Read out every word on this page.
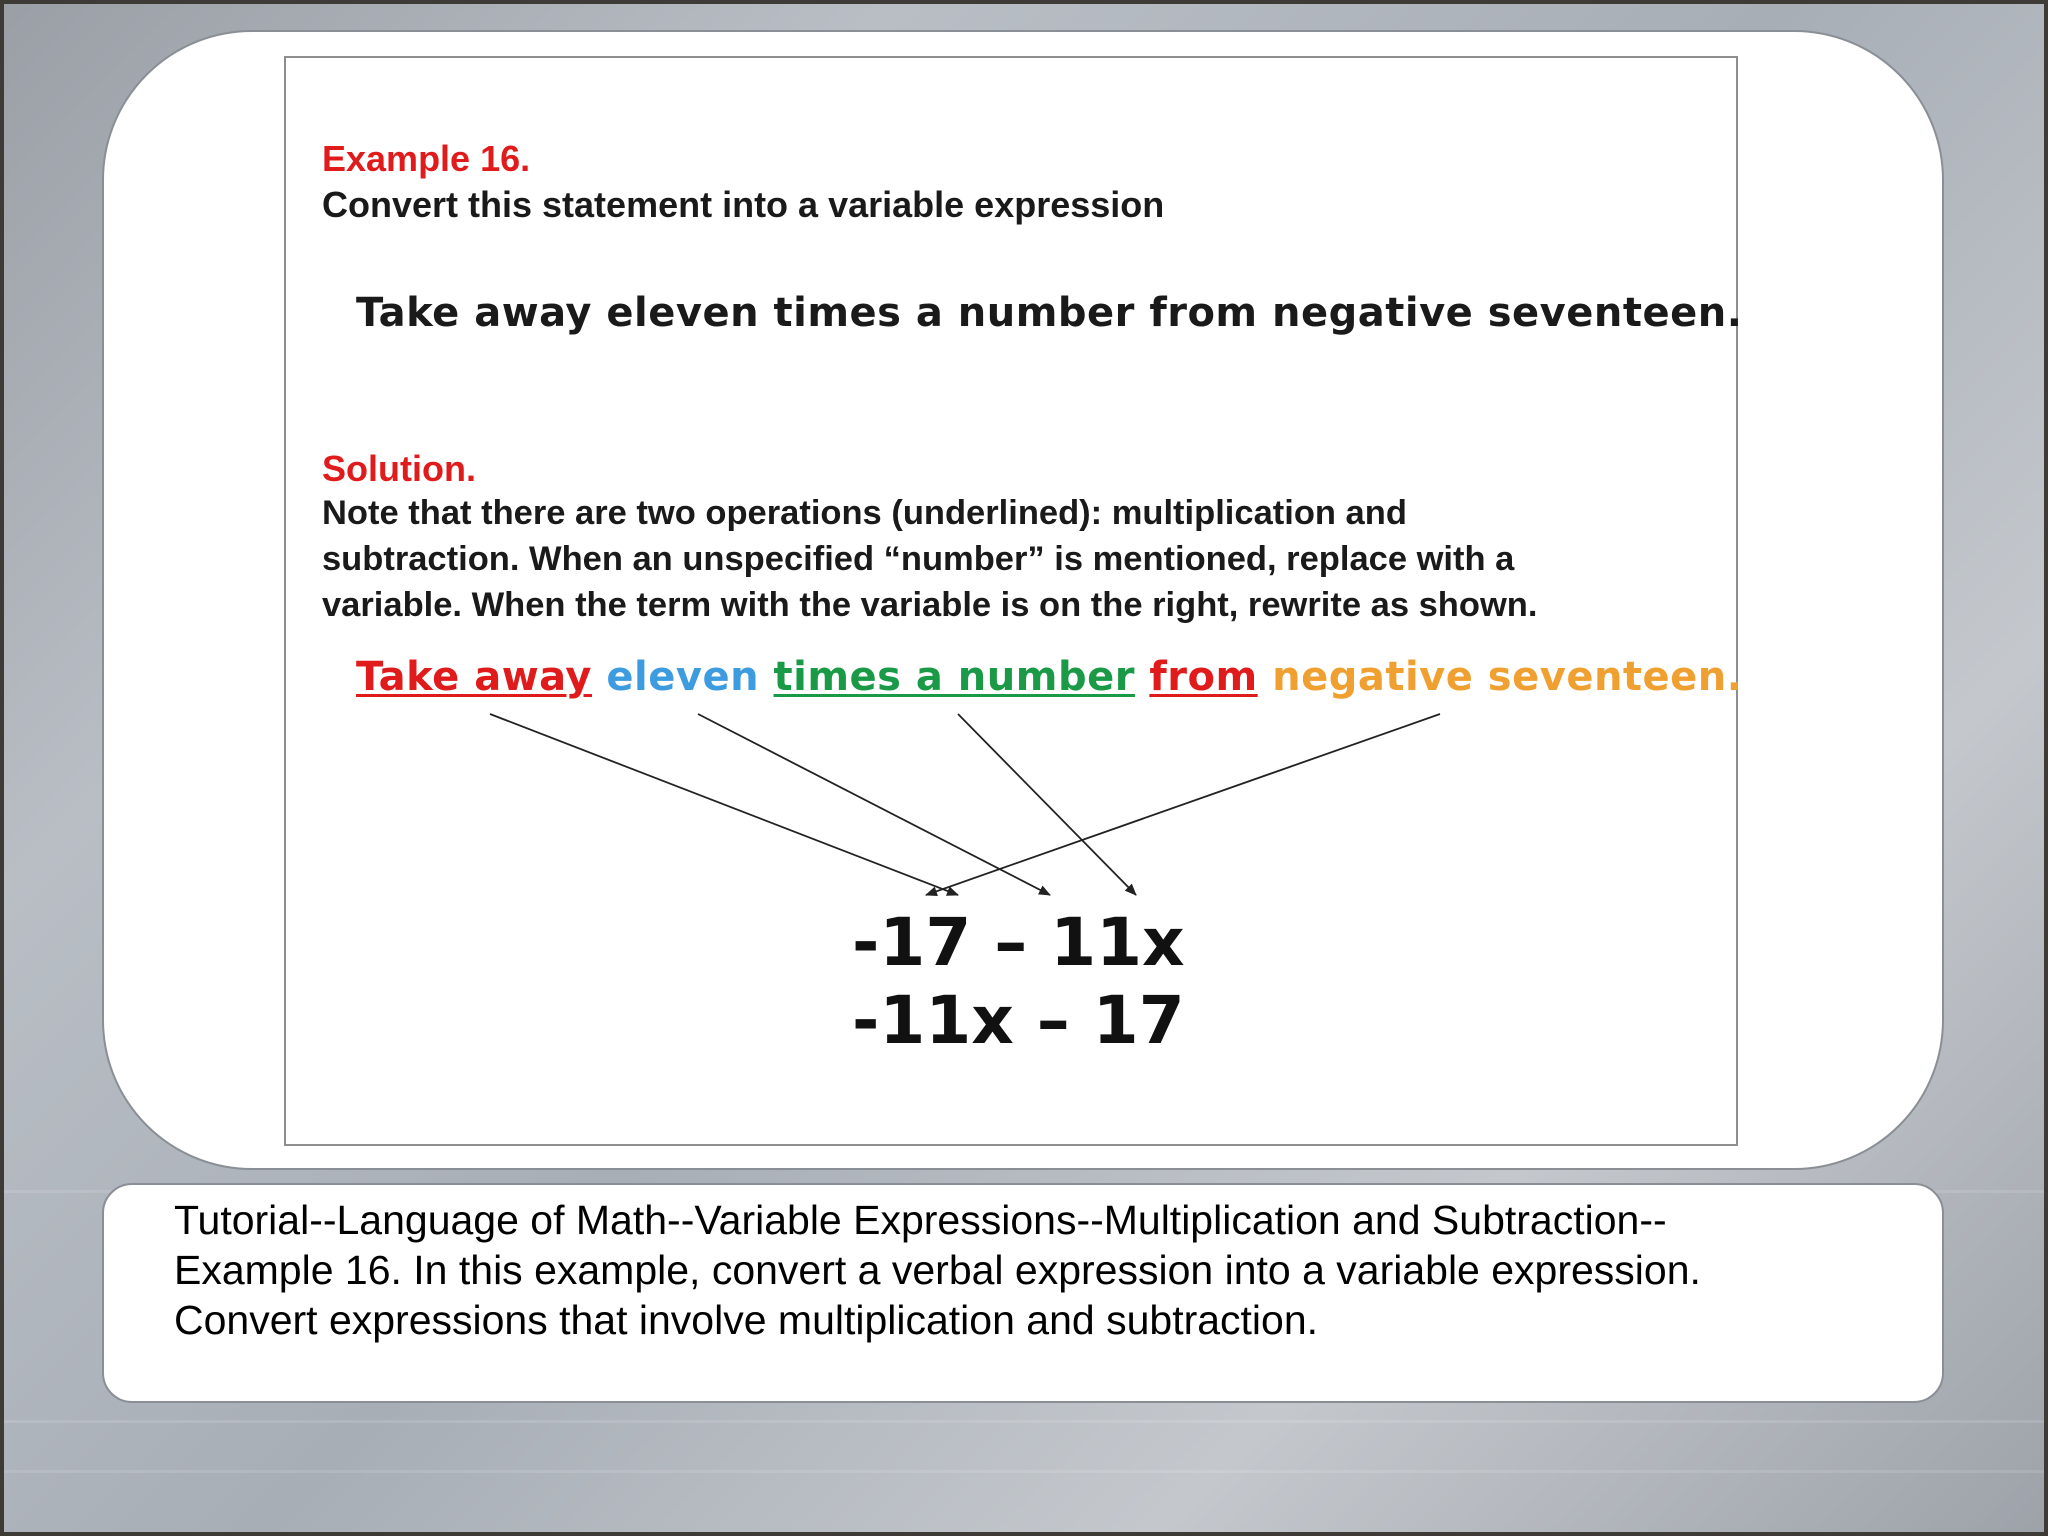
Example 16.
Convert this statement into a variable expression
Take away eleven times a number from negative seventeen.
Solution.
Note that there are two operations (underlined): multiplication and
subtraction. When an unspecified “number” is mentioned, replace with a
variable. When the term with the variable is on the right, rewrite as shown.
Take away eleven times a number from negative seventeen.
-17 – 11x
-11x – 17
Tutorial--Language of Math--Variable Expressions--Multiplication and Subtraction--
Example 16. In this example, convert a verbal expression into a variable expression.
Convert expressions that involve multiplication and subtraction.
